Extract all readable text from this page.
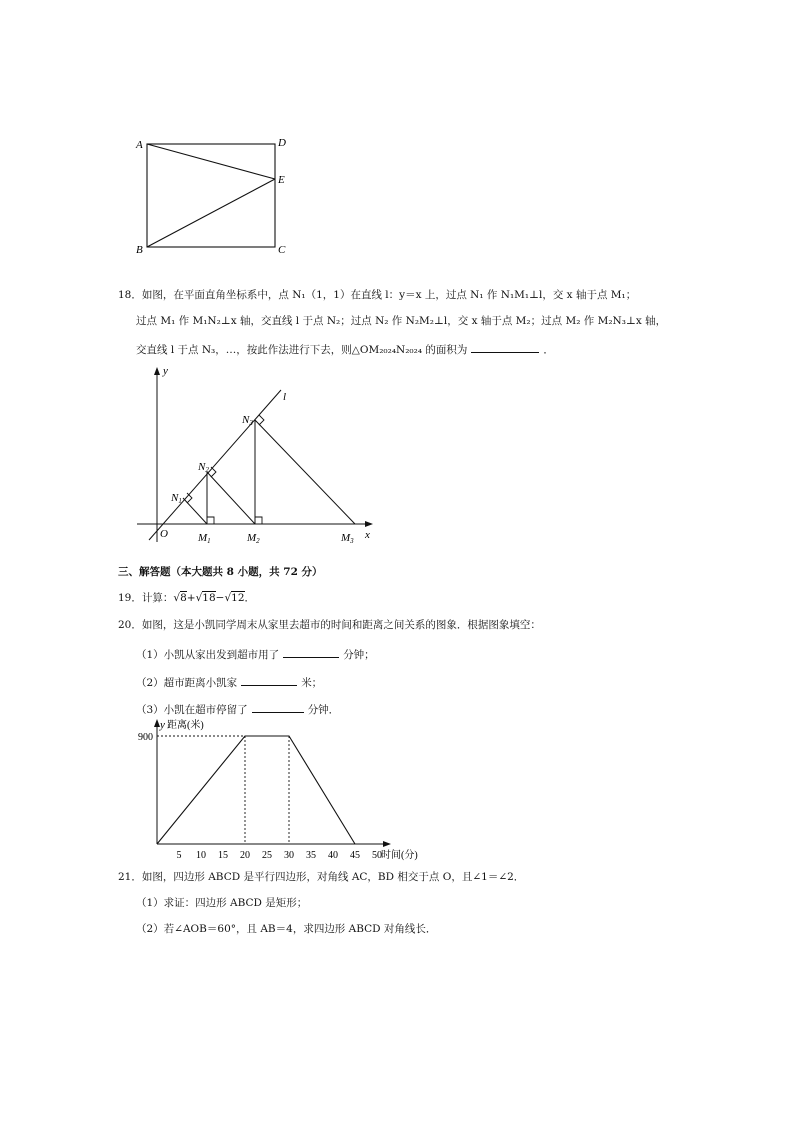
A	D
E
B	C
18．如图，在平面直角坐标系中，点 N₁（1，1）在直线 l：y＝x 上，过点 N₁ 作 N₁M₁⊥l，交 x 轴于点 M₁；
过点 M₁ 作 M₁N₂⊥x 轴，交直线 l 于点 N₂；过点 N₂ 作 N₂M₂⊥l，交 x 轴于点 M₂；过点 M₂ 作 M₂N₃⊥x 轴，
交直线 l 于点 N₃，…，按此作法进行下去，则△OM₂₀₂₄N₂₀₂₄ 的面积为	．
y
l
O	x
N1
N2
N3
M1	M2	M3
三、解答题（本大题共 8 小题，共 72 分）
19．计算：√8+√18−√12．
20．如图，这是小凯同学周末从家里去超市的时间和距离之间关系的图象．根据图象填空：
（1）小凯从家出发到超市用了	分钟；
（2）超市距离小凯家	米；
（3）小凯在超市停留了	分钟．
y 距离(米)
时间(分)
5 10 15 20 25 30 35 40 45 50
900
21．如图，四边形 ABCD 是平行四边形，对角线 AC，BD 相交于点 O，且∠1＝∠2．
（1）求证：四边形 ABCD 是矩形；
（2）若∠AOB＝60°，且 AB＝4，求四边形 ABCD 对角线长．
